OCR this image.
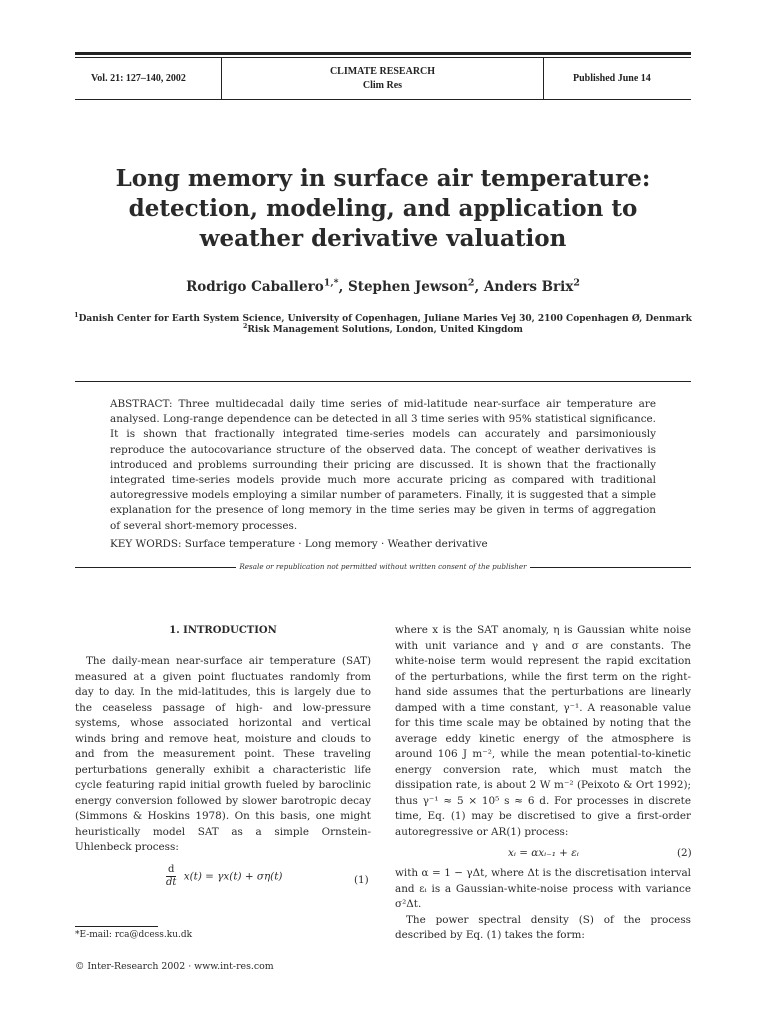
Vol. 21: 127–140, 2002
CLIMATE RESEARCH
Clim Res
Published June 14
Long memory in surface air temperature:
detection, modeling, and application to
weather derivative valuation
Rodrigo Caballero$^{1,*}$, Stephen Jewson$^2$, Anders Brix$^2$
$^1$Danish Center for Earth System Science, University of Copenhagen, Juliane Maries Vej 30, 2100 Copenhagen Ø, Denmark
$^2$Risk Management Solutions, London, United Kingdom
ABSTRACT: Three multidecadal daily time series of mid-latitude near-surface air temperature are analysed. Long-range dependence can be detected in all 3 time series with 95% statistical significance. It is shown that fractionally integrated time-series models can accurately and parsimoniously reproduce the autocovariance structure of the observed data. The concept of weather derivatives is introduced and problems surrounding their pricing are discussed. It is shown that the fractionally integrated time-series models provide much more accurate pricing as compared with traditional autoregressive models employing a similar number of parameters. Finally, it is suggested that a simple explanation for the presence of long memory in the time series may be given in terms of aggregation of several short-memory processes.
KEY WORDS: Surface temperature · Long memory · Weather derivative
Resale or republication not permitted without written consent of the publisher
1. INTRODUCTION

The daily-mean near-surface air temperature (SAT) measured at a given point fluctuates randomly from day to day. In the mid-latitudes, this is largely due to the ceaseless passage of high- and low-pressure systems, whose associated horizontal and vertical winds bring and remove heat, moisture and clouds to and from the measurement point. These traveling perturbations generally exhibit a characteristic life cycle featuring rapid initial growth fueled by baroclinic energy conversion followed by slower barotropic decay (Simmons & Hoskins 1978). On this basis, one might heuristically model SAT as a simple Ornstein-Uhlenbeck process:

$\frac{d}{dt} x(t) = \gamma x(t) + \sigma\eta(t)$	(1)
*E-mail: rca@dcess.ku.dk
© Inter-Research 2002 · www.int-res.com

where x is the SAT anomaly, η is Gaussian white noise with unit variance and γ and σ are constants. The white-noise term would represent the rapid excitation of the perturbations, while the first term on the right-hand side assumes that the perturbations are linearly damped with a time constant, γ⁻¹. A reasonable value for this time scale may be obtained by noting that the average eddy kinetic energy of the atmosphere is around 106 J m⁻², while the mean potential-to-kinetic energy conversion rate, which must match the dissipation rate, is about 2 W m⁻² (Peixoto & Ort 1992); thus γ⁻¹ ≈ 5 × 10⁵ s ≈ 6 d. For processes in discrete time, Eq. (1) may be discretised to give a first-order autoregressive or AR(1) process:

xᵢ = αxᵢ₋₁ + εᵢ	(2)

with α = 1 − γΔt, where Δt is the discretisation interval and εᵢ is a Gaussian-white-noise process with variance σ²Δt.

The power spectral density (S) of the process described by Eq. (1) takes the form:
